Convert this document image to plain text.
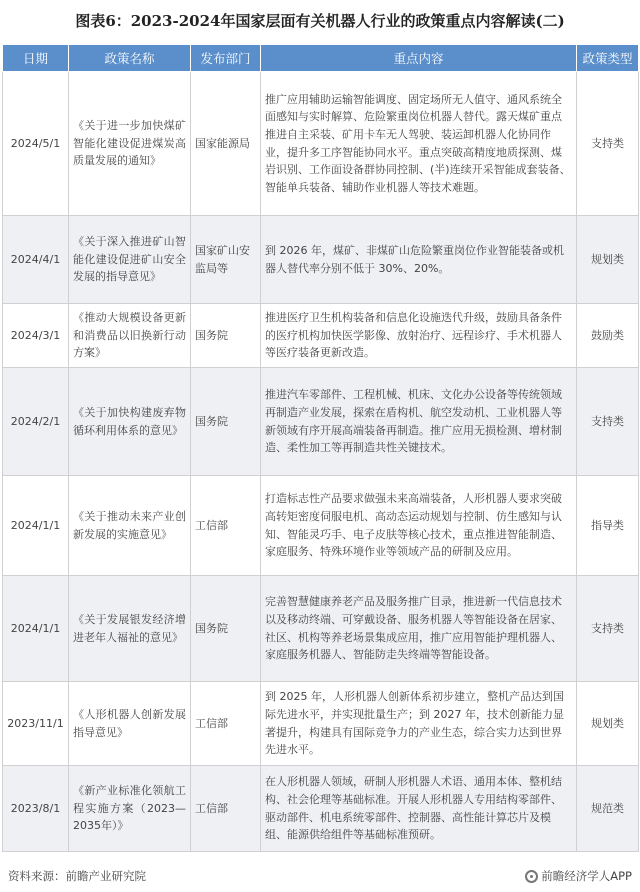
图表6：2023-2024年国家层面有关机器人行业的政策重点内容解读(二)
日期	政策名称	发布部门	重点内容	政策类型
2024/5/1	《关于进一步加快煤矿智能化建设促进煤炭高质量发展的通知》	国家能源局	推广应用辅助运输智能调度、固定场所无人值守、通风系统全面感知与实时解算、危险繁重岗位机器人替代。露天煤矿重点推进自主采装、矿用卡车无人驾驶、装运卸机器人化协同作业，提升多工序智能协同水平。重点突破高精度地质探测、煤岩识别、工作面设备群协同控制、(半)连续开采智能成套装备、智能单兵装备、辅助作业机器人等技术难题。	支持类
2024/4/1	《关于深入推进矿山智能化建设促进矿山安全发展的指导意见》	国家矿山安监局等	到 2026 年，煤矿、非煤矿山危险繁重岗位作业智能装备或机器人替代率分别不低于 30%、20%。	规划类
2024/3/1	《推动大规模设备更新和消费品以旧换新行动方案》	国务院	推进医疗卫生机构装备和信息化设施迭代升级，鼓励具备条件的医疗机构加快医学影像、放射治疗、远程诊疗、手术机器人等医疗装备更新改造。	鼓励类
2024/2/1	《关于加快构建废弃物循环利用体系的意见》	国务院	推进汽车零部件、工程机械、机床、文化办公设备等传统领域再制造产业发展，探索在盾构机、航空发动机、工业机器人等新领域有序开展高端装备再制造。推广应用无损检测、增材制造、柔性加工等再制造共性关键技术。	支持类
2024/1/1	《关于推动未来产业创新发展的实施意见》	工信部	打造标志性产品要求做强未来高端装备，人形机器人要求突破高转矩密度伺服电机、高动态运动规划与控制、仿生感知与认知、智能灵巧手、电子皮肤等核心技术，重点推进智能制造、家庭服务、特殊环境作业等领域产品的研制及应用。	指导类
2024/1/1	《关于发展银发经济增进老年人福祉的意见》	国务院	完善智慧健康养老产品及服务推广目录，推进新一代信息技术以及移动终端、可穿戴设备、服务机器人等智能设备在居家、社区、机构等养老场景集成应用，推广应用智能护理机器人、家庭服务机器人、智能防走失终端等智能设备。	支持类
2023/11/1	《人形机器人创新发展指导意见》	工信部	到 2025 年，人形机器人创新体系初步建立，整机产品达到国际先进水平，并实现批量生产；到 2027 年，技术创新能力显著提升，构建具有国际竞争力的产业生态，综合实力达到世界先进水平。	规划类
2023/8/1	《新产业标准化领航工程实施方案（2023—2035年）》	工信部	在人形机器人领域，研制人形机器人术语、通用本体、整机结构、社会伦理等基础标准。开展人形机器人专用结构零部件、驱动部件、机电系统零部件、控制器、高性能计算芯片及模组、能源供给组件等基础标准预研。	规范类
资料来源：前瞻产业研究院	前瞻经济学人APP
